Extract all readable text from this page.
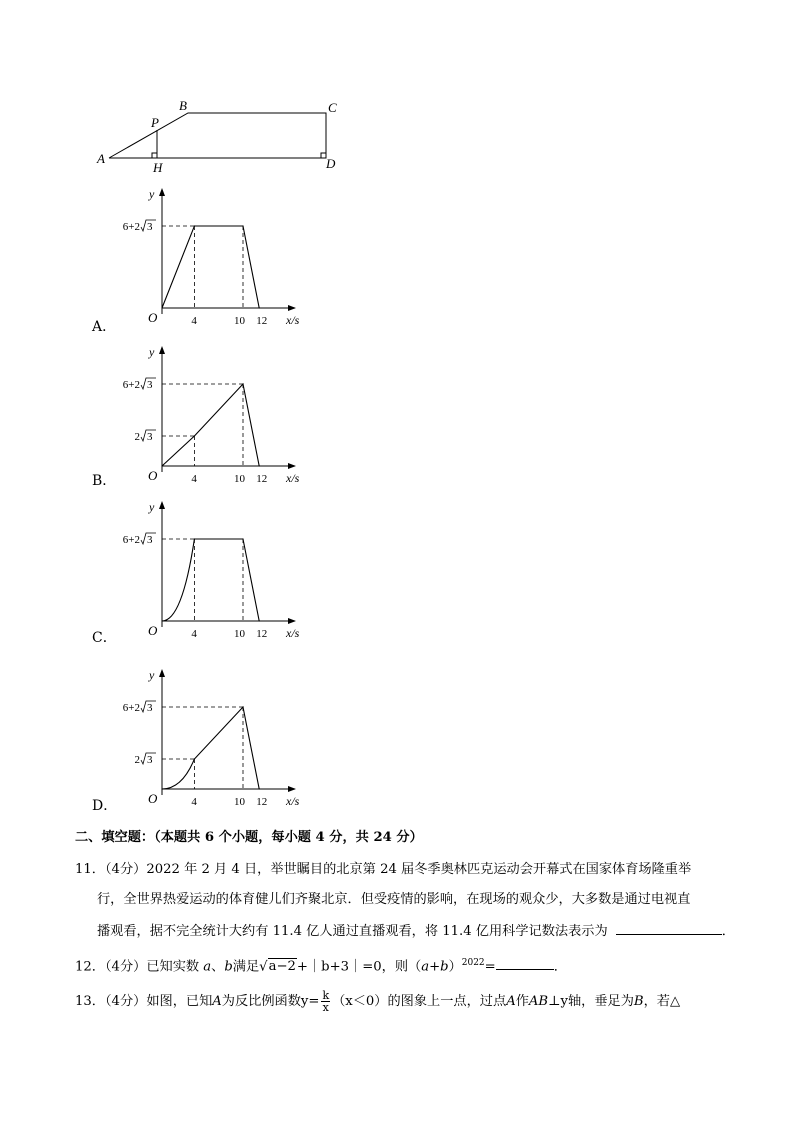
A
B	C
D
P
H
y
O	x/s
4	10 12
6+2 3
A．
y
O	x/s
4	10 12
6+2 3
2 3
B．
y
O	x/s
4	10 12
6+2 3
C．
y
O	x/s
4	10 12
6+2 3
2 3
D．
二、填空题：（本题共 6 个小题，每小题 4 分，共 24 分）
11．（4分）2022 年 2 月 4 日，举世瞩目的北京第 24 届冬季奥林匹克运动会开幕式在国家体育场隆重举
行，全世界热爱运动的体育健儿们齐聚北京．但受疫情的影响，在现场的观众少，大多数是通过电视直
播观看，据不完全统计大约有 11.4 亿人通过直播观看，将 11.4 亿用科学记数法表示为	．
12．（4分）已知实数 a、b满足√a−2+｜b+3｜=0，则$(a+b)^{2022}=$	．
13．（4分）如图，已知A为反比例函数$y= \frac{k}{x} (x<0)$的图象上一点，过点A作AB⊥y轴，垂足为B，若△
